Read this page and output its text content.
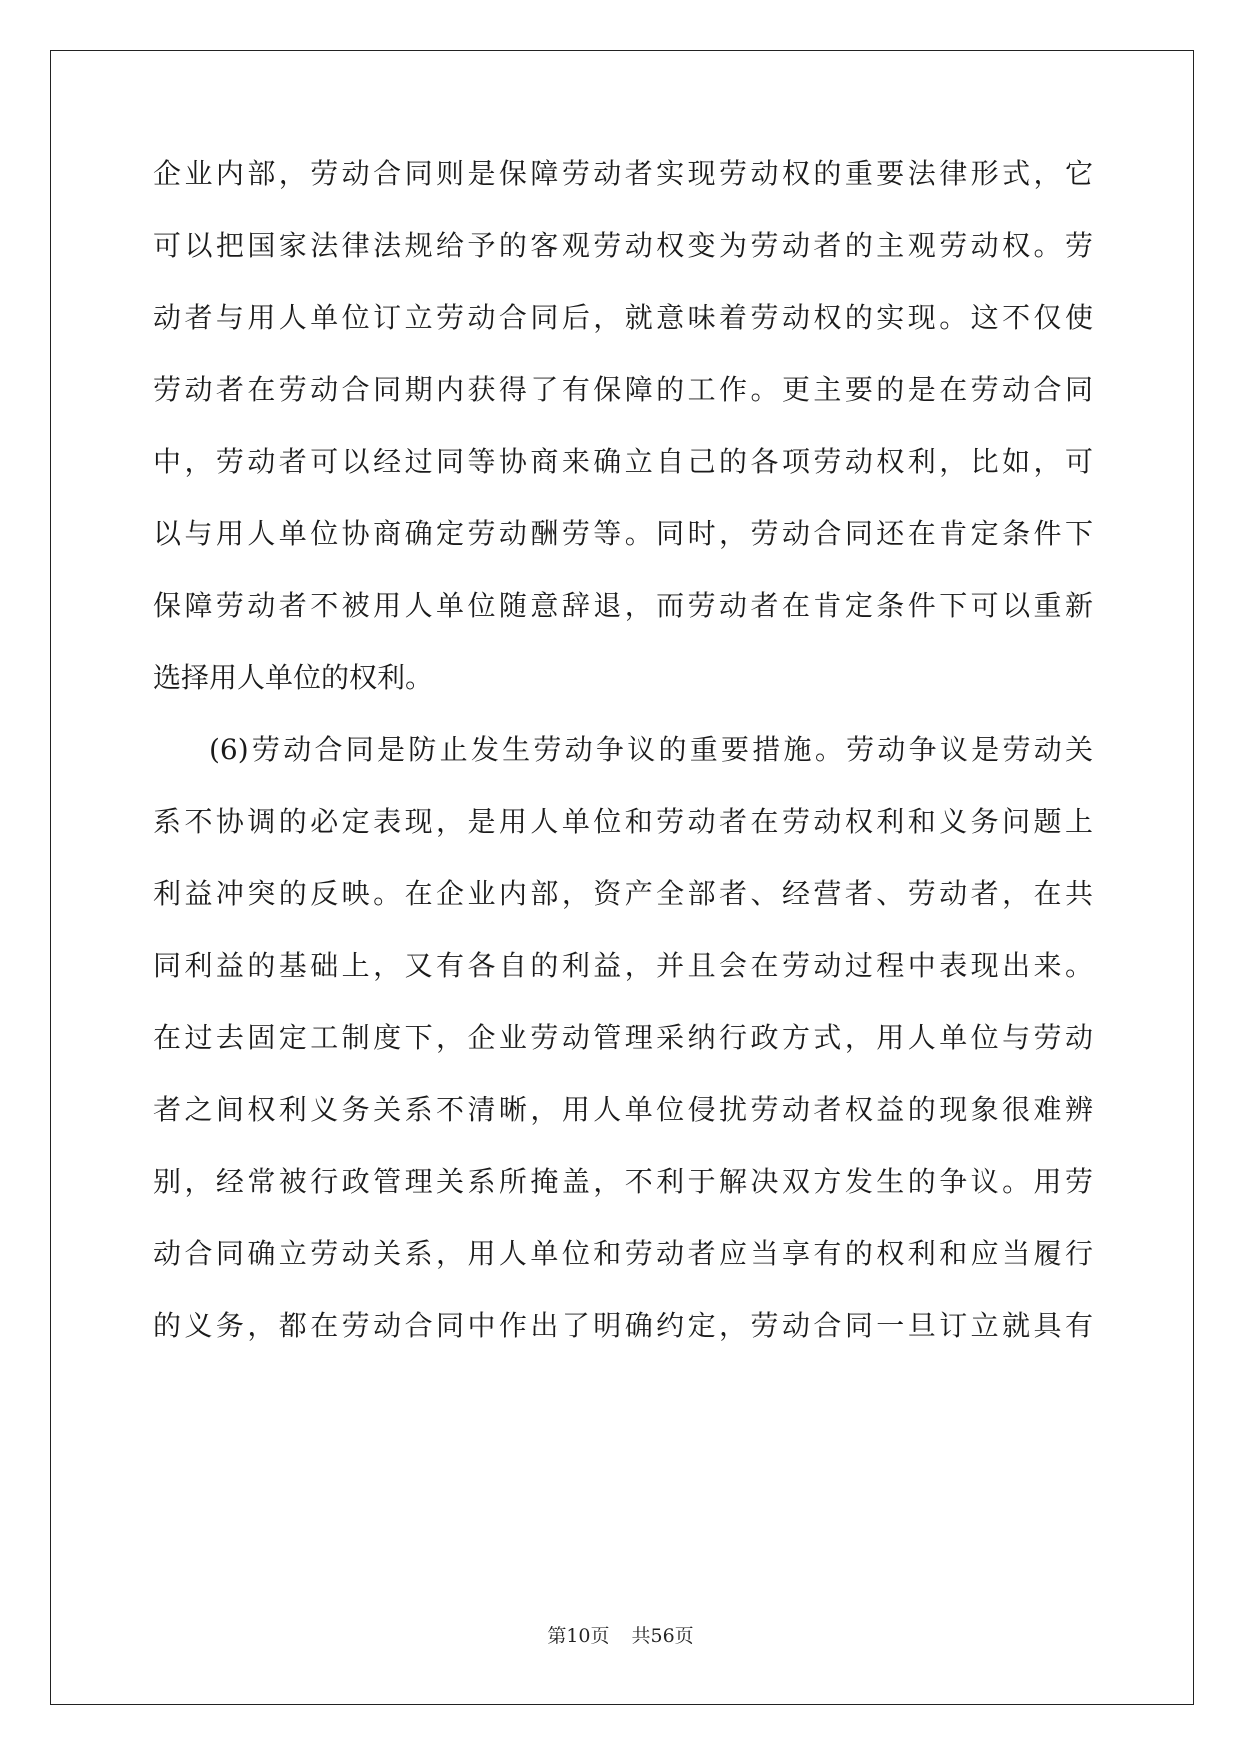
企业内部，劳动合同则是保障劳动者实现劳动权的重要法律形式，它
可以把国家法律法规给予的客观劳动权变为劳动者的主观劳动权。劳
动者与用人单位订立劳动合同后，就意味着劳动权的实现。这不仅使
劳动者在劳动合同期内获得了有保障的工作。更主要的是在劳动合同
中，劳动者可以经过同等协商来确立自己的各项劳动权利，比如，可
以与用人单位协商确定劳动酬劳等。同时，劳动合同还在肯定条件下
保障劳动者不被用人单位随意辞退，而劳动者在肯定条件下可以重新
选择用人单位的权利。
(6)劳动合同是防止发生劳动争议的重要措施。劳动争议是劳动关
系不协调的必定表现，是用人单位和劳动者在劳动权利和义务问题上
利益冲突的反映。在企业内部，资产全部者、经营者、劳动者，在共
同利益的基础上，又有各自的利益，并且会在劳动过程中表现出来。
在过去固定工制度下，企业劳动管理采纳行政方式，用人单位与劳动
者之间权利义务关系不清晰，用人单位侵扰劳动者权益的现象很难辨
别，经常被行政管理关系所掩盖，不利于解决双方发生的争议。用劳
动合同确立劳动关系，用人单位和劳动者应当享有的权利和应当履行
的义务，都在劳动合同中作出了明确约定，劳动合同一旦订立就具有
第10页 共56页
